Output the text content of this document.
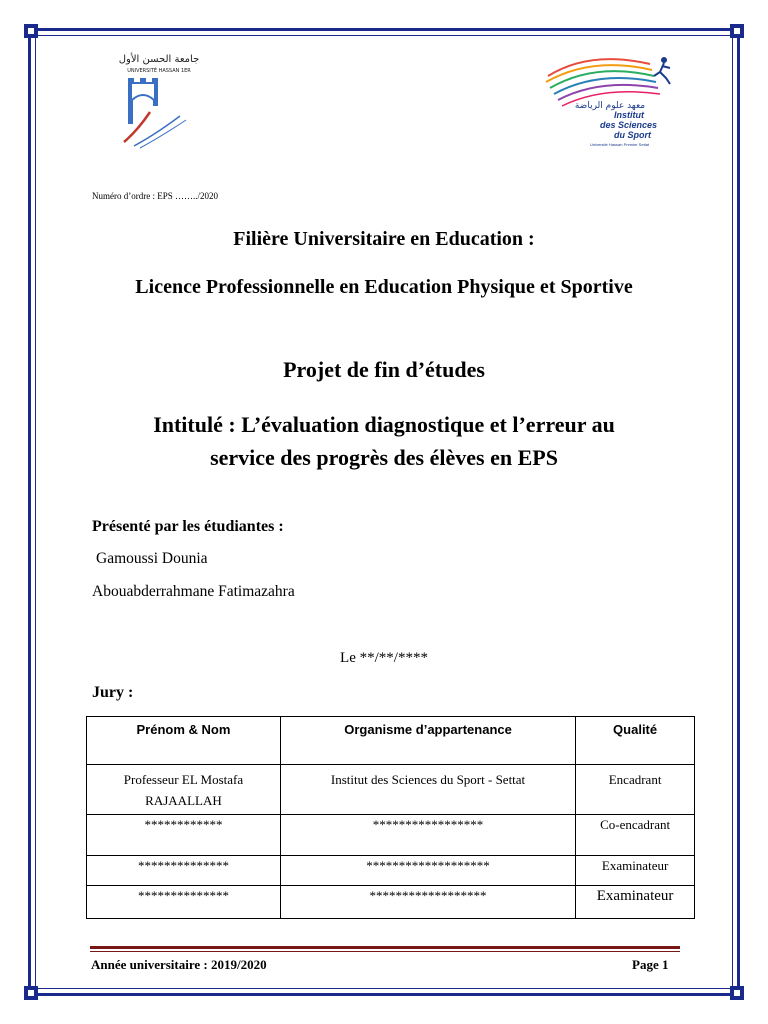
جامعة الحسن الأول
UNIVERSITÉ HASSAN 1ER
معهد علوم الرياضة
Institut
des Sciences
du Sport
Université Hassan Premier Settat
Numéro d’ordre : EPS ……../2020
Filière Universitaire en Education :
Licence Professionnelle en Education Physique et Sportive
Projet de fin d’études
Intitulé : L’évaluation diagnostique et l’erreur au
service des progrès des élèves en EPS
Présenté par les étudiantes :
Gamoussi Dounia
Abouabderrahmane Fatimazahra
Le **/**/****
Jury :
Prénom & Nom	Organisme d’appartenance	Qualité

Professeur EL Mostafa
RAJAALLAH	Institut des Sciences du Sport - Settat	Encadrant
************	*****************	Co-encadrant
**************	*******************	Examinateur
**************	******************	Examinateur
Année universitaire : 2019/2020	Page 1
